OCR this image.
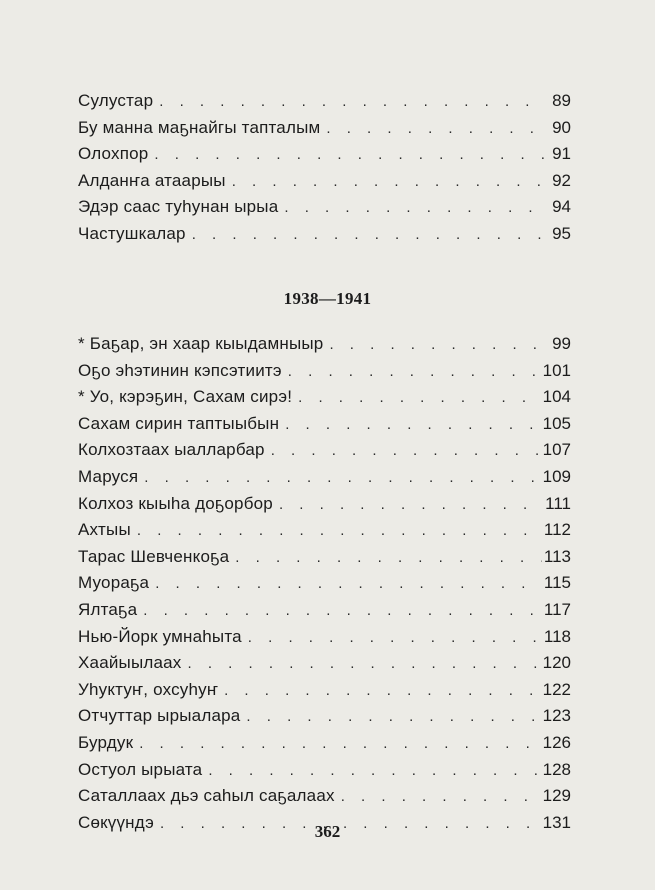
Сулустар . . .	89
Бу манна маҕнайгы тапталым . . .	90
Олохпор . . .	91
Алданҥа атаарыы . . .	92
Эдэр саас туһунан ырыа . . .	94
Частушкалар . . .	95
1938—1941
* Баҕар, эн хаар кыыдамныыр . . .	99
Оҕо эһэтинин кэпсэтиитэ . . .	101
* Уо, кэрэҕин, Сахам сирэ! . . .	104
Сахам сирин таптыыбын . . .	105
Колхозтаах ыалларбар . . .	107
Маруся . . .	109
Колхоз кыыһа доҕорбор . . .	111
Ахтыы . . .	112
Тарас Шевченкоҕа . . .	113
Муораҕа . . .	115
Ялтаҕа . . .	117
Нью-Йорк умнаһыта . . .	118
Хаайыылаах . . .	120
Уһуктуҥ, охсуһуҥ . . .	122
Отчуттар ырыалара . . .	123
Бурдук . . .	126
Остуол ырыата . . .	128
Саталлаах дьэ саһыл саҕалаах . . .	129
Сөкүүндэ . . .	131
362
